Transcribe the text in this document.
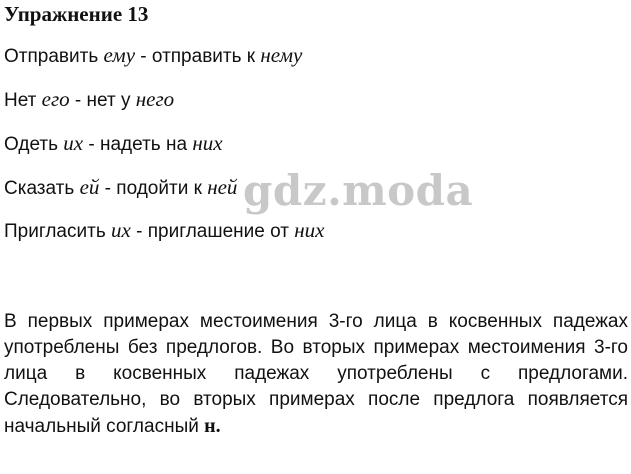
Упражнение 13
Отправить ему - отправить к нему
Нет его - нет у него
Одеть их - надеть на них
Сказать ей - подойти к ней
Пригласить их - приглашение от них
gdz.moda
В первых примерах местоимения 3-го лица в косвенных падежах употреблены без предлогов. Во вторых примерах местоимения 3-го лица в косвенных падежах употреблены с предлогами. Следовательно, во вторых примерах после предлога появляется начальный согласный н.
